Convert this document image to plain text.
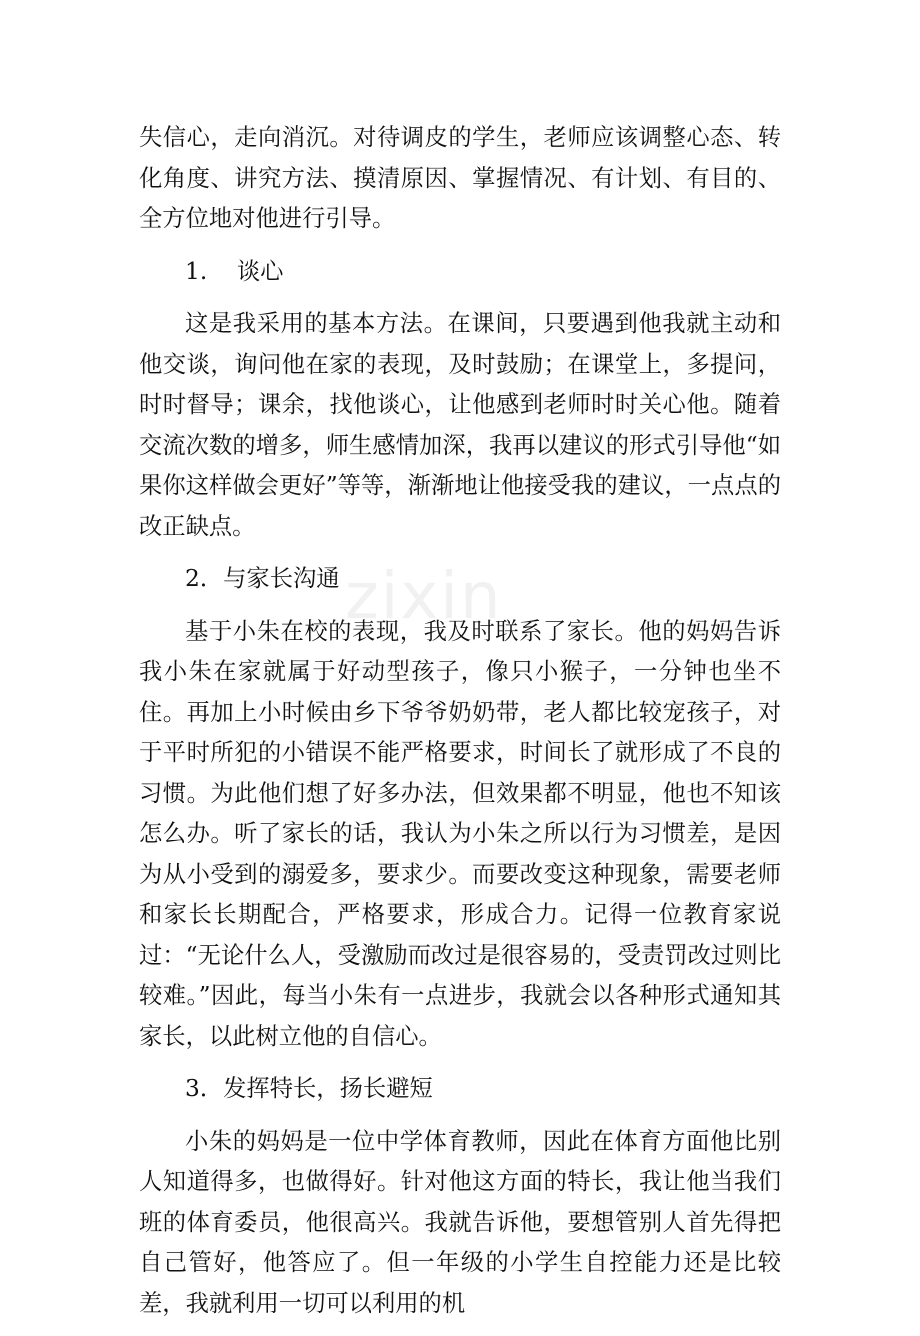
zixin

失信心，走向消沉。对待调皮的学生，老师应该调整心态、转化角度、讲究方法、摸清原因、掌握情况、有计划、有目的、全方位地对他进行引导。

1.    谈心

这是我采用的基本方法。在课间，只要遇到他我就主动和他交谈，询问他在家的表现，及时鼓励；在课堂上，多提问，时时督导；课余，找他谈心，让他感到老师时时关心他。随着交流次数的增多，师生感情加深，我再以建议的形式引导他“如果你这样做会更好”等等，渐渐地让他接受我的建议，一点点的改正缺点。

2．与家长沟通

基于小朱在校的表现，我及时联系了家长。他的妈妈告诉我小朱在家就属于好动型孩子，像只小猴子，一分钟也坐不住。再加上小时候由乡下爷爷奶奶带，老人都比较宠孩子，对于平时所犯的小错误不能严格要求，时间长了就形成了不良的习惯。为此他们想了好多办法，但效果都不明显，他也不知该怎么办。听了家长的话，我认为小朱之所以行为习惯差，是因为从小受到的溺爱多，要求少。而要改变这种现象，需要老师和家长长期配合，严格要求，形成合力。记得一位教育家说过：“无论什么人，受激励而改过是很容易的，受责罚改过则比较难。”因此，每当小朱有一点进步，我就会以各种形式通知其家长，以此树立他的自信心。

3．发挥特长，扬长避短

小朱的妈妈是一位中学体育教师，因此在体育方面他比别人知道得多，也做得好。针对他这方面的特长，我让他当我们班的体育委员，他很高兴。我就告诉他，要想管别人首先得把自己管好，他答应了。但一年级的小学生自控能力还是比较差，我就利用一切可以利用的机
